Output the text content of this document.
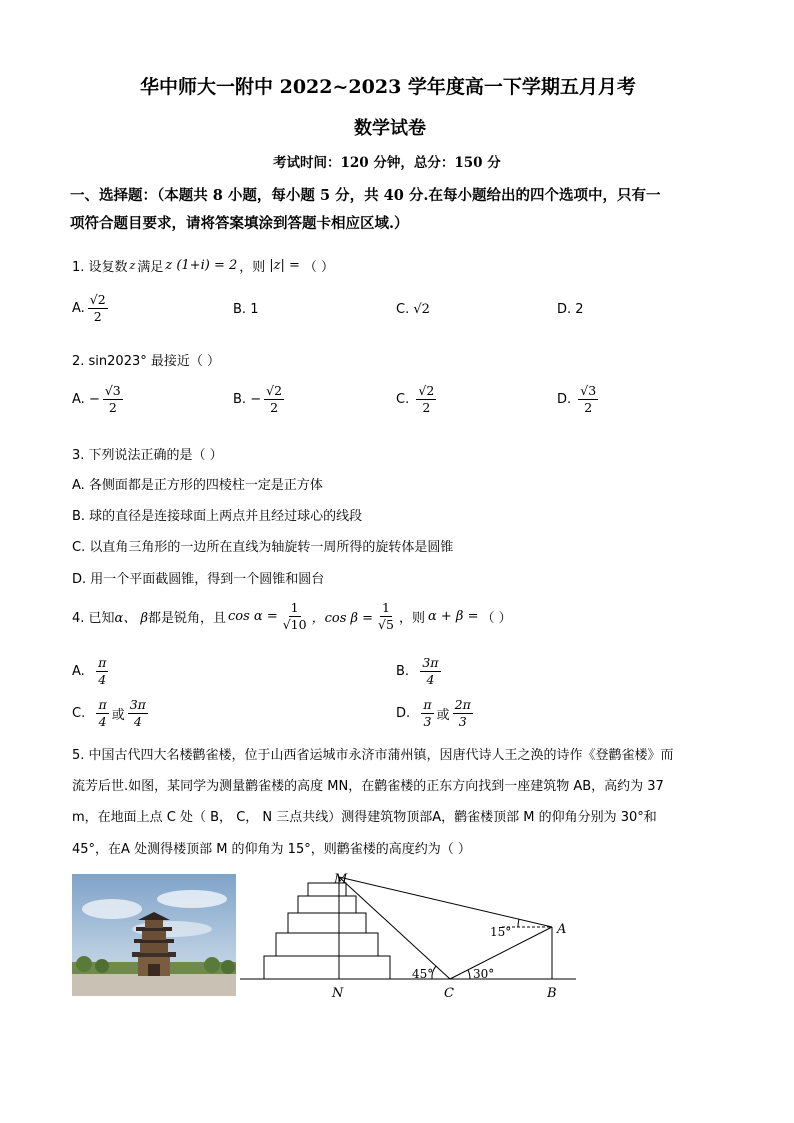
华中师大一附中 2022~2023 学年度高一下学期五月月考
数学试卷
考试时间：120 分钟，总分：150 分
一、选择题：（本题共 8 小题，每小题 5 分，共 40 分.在每小题给出的四个选项中，只有一
项符合题目要求，请将答案填涂到答题卡相应区域.）
1. 设复数 z 满足 z (1+i) = 2 ，则 |z| = （ ）
A. $\frac{√2}{2}$	B.
1	C.
√2	D.
2
2. sin2023° 最接近（ ）
A.
− $\frac{√3}{2}$	B.
− $\frac{√2}{2}$	C.
$\frac{√2}{2}$	D.
$\frac{√3}{2}$
3. 下列说法正确的是（ ）
A. 各侧面都是正方形的四棱柱一定是正方体
B. 球的直径是连接球面上两点并且经过球心的线段
C. 以直角三角形的一边所在直线为轴旋转一周所得的旋转体是圆锥
D. 用一个平面截圆锥，得到一个圆锥和圆台
4. 已知 α、 β 都是锐角，且 $\cos \alpha = \frac{1}{√10}$ ，$\cos \beta = \frac{1}{√5}$ ，则 α + β = （ ）
A.
$\frac{\pi}{4}$	B.
$\frac{3\pi}{4}$
C.
$\frac{\pi}{4}$ 或 $\frac{3\pi}{4}$	D.
$\frac{\pi}{3}$ 或 $\frac{2\pi}{3}$
5. 中国古代四大名楼鹳雀楼，位于山西省运城市永济市蒲州镇，因唐代诗人王之涣的诗作《登鹳雀楼》而
流芳后世.如图，某同学为测量鹳雀楼的高度 MN，在鹳雀楼的正东方向找到一座建筑物 AB，高约为 37
m，在地面上点 C 处（ B， C， N 三点共线）测得建筑物顶部A，鹳雀楼顶部 M 的仰角分别为 30°和
45°，在A 处测得楼顶部 M 的仰角为 15°，则鹳雀楼的高度约为（ ）
M
N	C	B
A
45°	30°
15°
